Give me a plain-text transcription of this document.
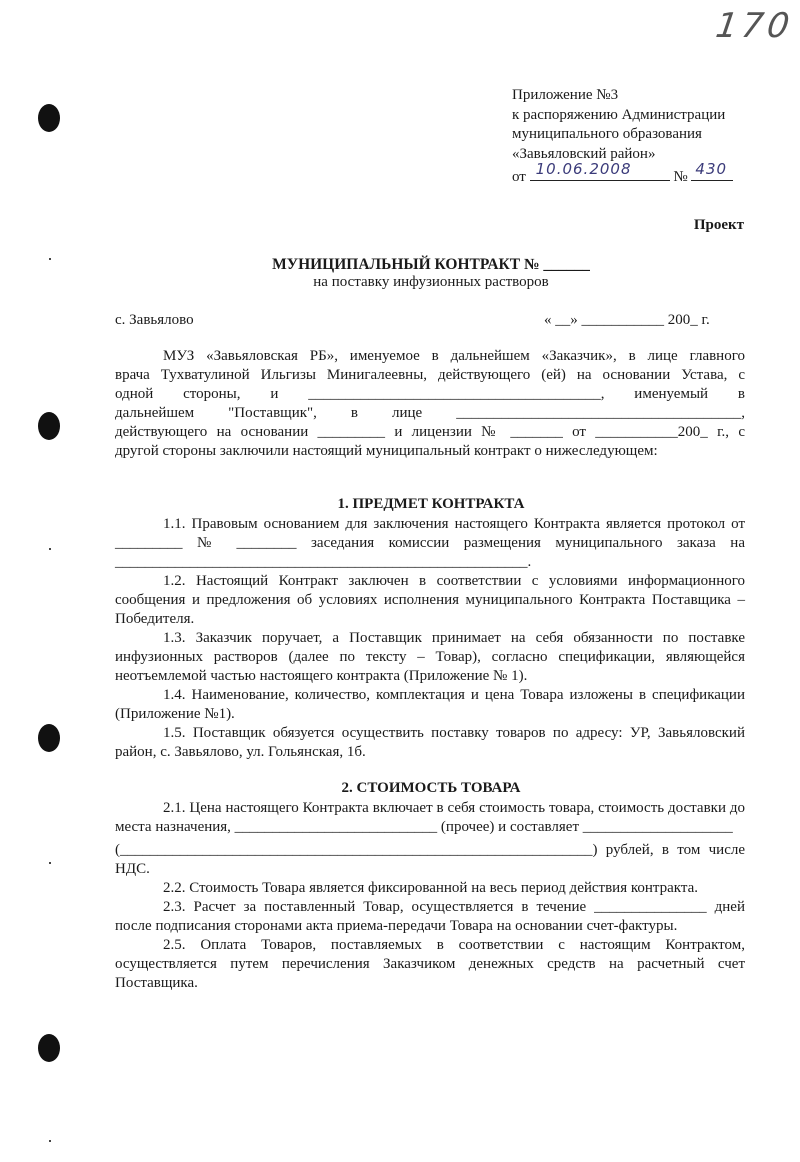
170
Приложение №3
к распоряжению Администрации
муниципального образования
«Завьяловский район»
от 10.06.2008	№ 430
Проект
МУНИЦИПАЛЬНЫЙ КОНТРАКТ № ______
на поставку инфузионных растворов
с. Завьялово	« __» ___________ 200_ г.
МУЗ «Завьяловская РБ», именуемое в дальнейшем «Заказчик», в лице главного
врача Тухватулиной Ильгизы Минигалеевны, действующего (ей) на основании Устава, с
одной стороны, и _______________________________________, именуемый в
дальнейшем "Поставщик", в лице ______________________________________,
действующего на основании _________ и лицензии № _______ от ___________200_ г., с
другой стороны заключили настоящий муниципальный контракт о нижеследующем:
1. ПРЕДМЕТ КОНТРАКТА
1.1. Правовым основанием для заключения настоящего Контракта является протокол от _________ № ________ заседания комиссии размещения муниципального заказа на _______________________________________________________.
1.2. Настоящий Контракт заключен в соответствии с условиями информационного сообщения и предложения об условиях исполнения муниципального Контракта Поставщика – Победителя.
1.3. Заказчик поручает, а Поставщик принимает на себя обязанности по поставке инфузионных растворов (далее по тексту – Товар), согласно спецификации, являющейся неотъемлемой частью настоящего контракта (Приложение № 1).
1.4. Наименование, количество, комплектация и цена Товара изложены в спецификации (Приложение №1).
1.5. Поставщик обязуется осуществить поставку товаров по адресу: УР, Завьяловский район, с. Завьялово, ул. Гольянская, 1б.
2. СТОИМОСТЬ ТОВАРА
2.1. Цена настоящего Контракта включает в себя стоимость товара, стоимость доставки до места назначения, ___________________________ (прочее) и составляет ____________________
(_______________________________________________________________) рублей, в том числе НДС.
2.2. Стоимость Товара является фиксированной на весь период действия контракта.
2.3. Расчет за поставленный Товар, осуществляется в течение _______________ дней после подписания сторонами акта приема-передачи Товара на основании счет-фактуры.
2.5. Оплата Товаров, поставляемых в соответствии с настоящим Контрактом, осуществляется путем перечисления Заказчиком денежных средств на расчетный счет Поставщика.
